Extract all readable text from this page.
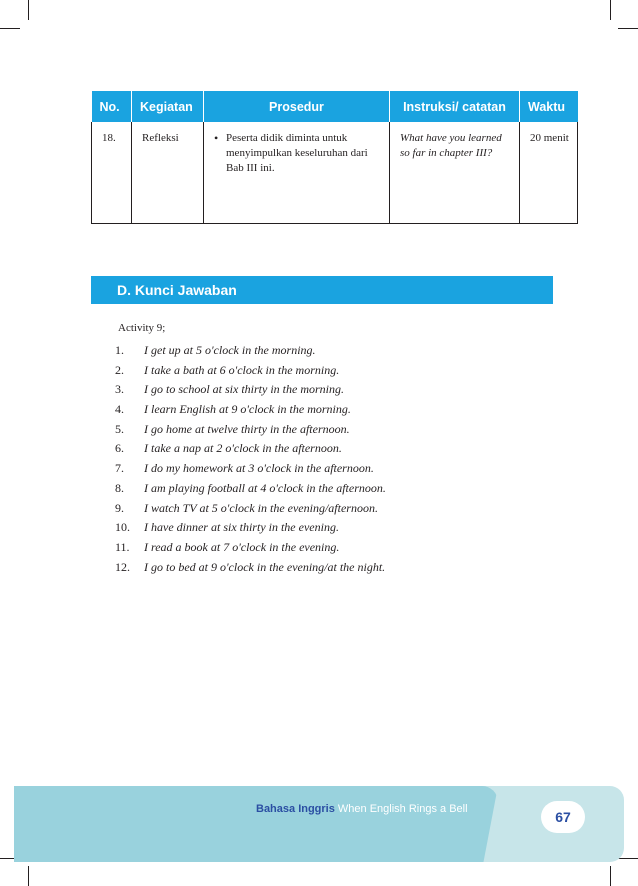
No.	Kegiatan	Prosedur	Instruksi/ catatan	Waktu
18.	Refleksi	• Peserta didik diminta untuk menyimpulkan keseluruhan dari Bab III ini.	What have you learned so far in chapter III?	20 menit
D. Kunci Jawaban
Activity 9;
1.	I get up at 5 o'clock in the morning.
2.	I take a bath at 6 o'clock in the morning.
3.	I go to school at six thirty in the morning.
4.	I learn English at 9 o'clock in the morning.
5.	I go home at twelve thirty in the afternoon.
6.	I take a nap at 2 o'clock in the afternoon.
7.	I do my homework at 3 o'clock in the afternoon.
8.	I am playing football at 4 o'clock in the afternoon.
9.	I watch TV at 5 o'clock in the evening/afternoon.
10.	I have dinner at six thirty in the evening.
11.	I read a book at 7 o'clock in the evening.
12.	I go to bed at 9 o'clock in the evening/at the night.
Bahasa Inggris When English Rings a Bell	67
